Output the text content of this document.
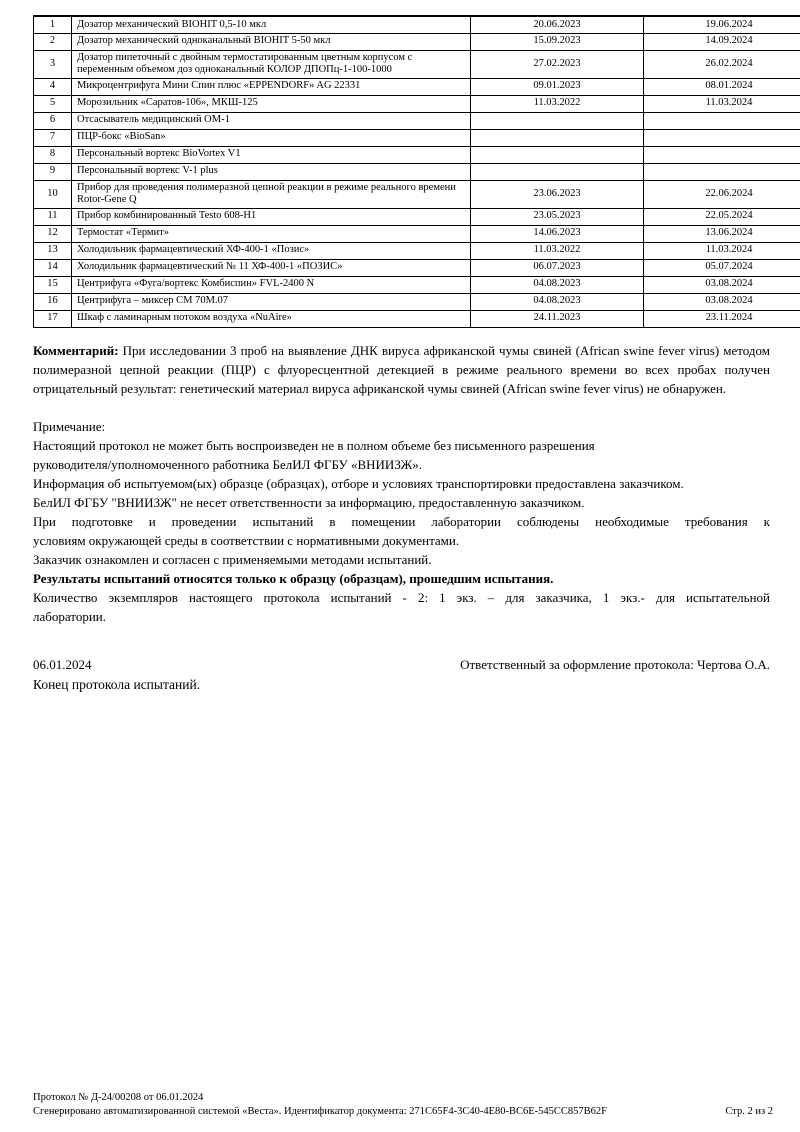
1	Дозатор механический BIOHIT 0,5-10 мкл	20.06.2023	19.06.2024
2	Дозатор механический одноканальный BIOHIT 5-50 мкл	15.09.2023	14.09.2024
3	Дозатор пипеточный с двойным термостатированным цветным корпусом с переменным объемом доз одноканальный КОЛОР ДПОПц-1-100-1000	27.02.2023	26.02.2024
4	Микроцентрифуга Мини Спин плюс «EPPENDORF» AG 22331	09.01.2023	08.01.2024
5	Морозильник «Саратов-106», МКШ-125	11.03.2022	11.03.2024
6	Отсасыватель медицинский ОМ-1		
7	ПЦР-бокс «BioSan»		
8	Персональный вортекс BioVortex V1		
9	Персональный вортекс V-1 plus		
10	Прибор для проведения полимеразной цепной реакции в режиме реального времени Rotor-Gene Q	23.06.2023	22.06.2024
11	Прибор комбинированный Testo 608-H1	23.05.2023	22.05.2024
12	Термостат «Термит»	14.06.2023	13.06.2024
13	Холодильник фармацевтический ХФ-400-1 «Позис»	11.03.2022	11.03.2024
14	Холодильник фармацевтический № 11 ХФ-400-1 «ПОЗИС»	06.07.2023	05.07.2024
15	Центрифуга «Фуга/вортекс Комбиспин» FVL-2400 N	04.08.2023	03.08.2024
16	Центрифуга – миксер СМ 70М.07	04.08.2023	03.08.2024
17	Шкаф с ламинарным потоком воздуха «NuAire»	24.11.2023	23.11.2024
Комментарий: При исследовании 3 проб на выявление ДНК вируса африканской чумы свиней (African swine fever virus) методом полимеразной цепной реакции (ПЦР) с флуоресцентной детекцией в режиме реального времени во всех пробах получен отрицательный результат: генетический материал вируса африканской чумы свиней (African swine fever virus) не обнаружен.
Примечание:
Настоящий протокол не может быть воспроизведен не в полном объеме без письменного разрешения
руководителя/уполномоченного работника БелИЛ ФГБУ «ВНИИЗЖ».
Информация об испытуемом(ых) образце (образцах), отборе и условиях транспортировки предоставлена заказчиком.
БелИЛ ФГБУ "ВНИИЗЖ" не несет ответственности за информацию, предоставленную заказчиком.
При подготовке и проведении испытаний в помещении лаборатории соблюдены необходимые требования к
условиям окружающей среды в соответствии с нормативными документами.
Заказчик ознакомлен и согласен с применяемыми методами испытаний.
Результаты испытаний относятся только к образцу (образцам), прошедшим испытания.
Количество экземпляров настоящего протокола испытаний - 2: 1 экз. – для заказчика, 1 экз.- для испытательной
лаборатории.
06.01.2024	Ответственный за оформление протокола: Чертова О.А.
Конец протокола испытаний.
Протокол № Д-24/00208 от 06.01.2024
Сгенерировано автоматизированной системой «Веста». Идентификатор документа: 271C65F4-3C40-4E80-BC6E-545CC857B62F	Стр. 2 из 2
